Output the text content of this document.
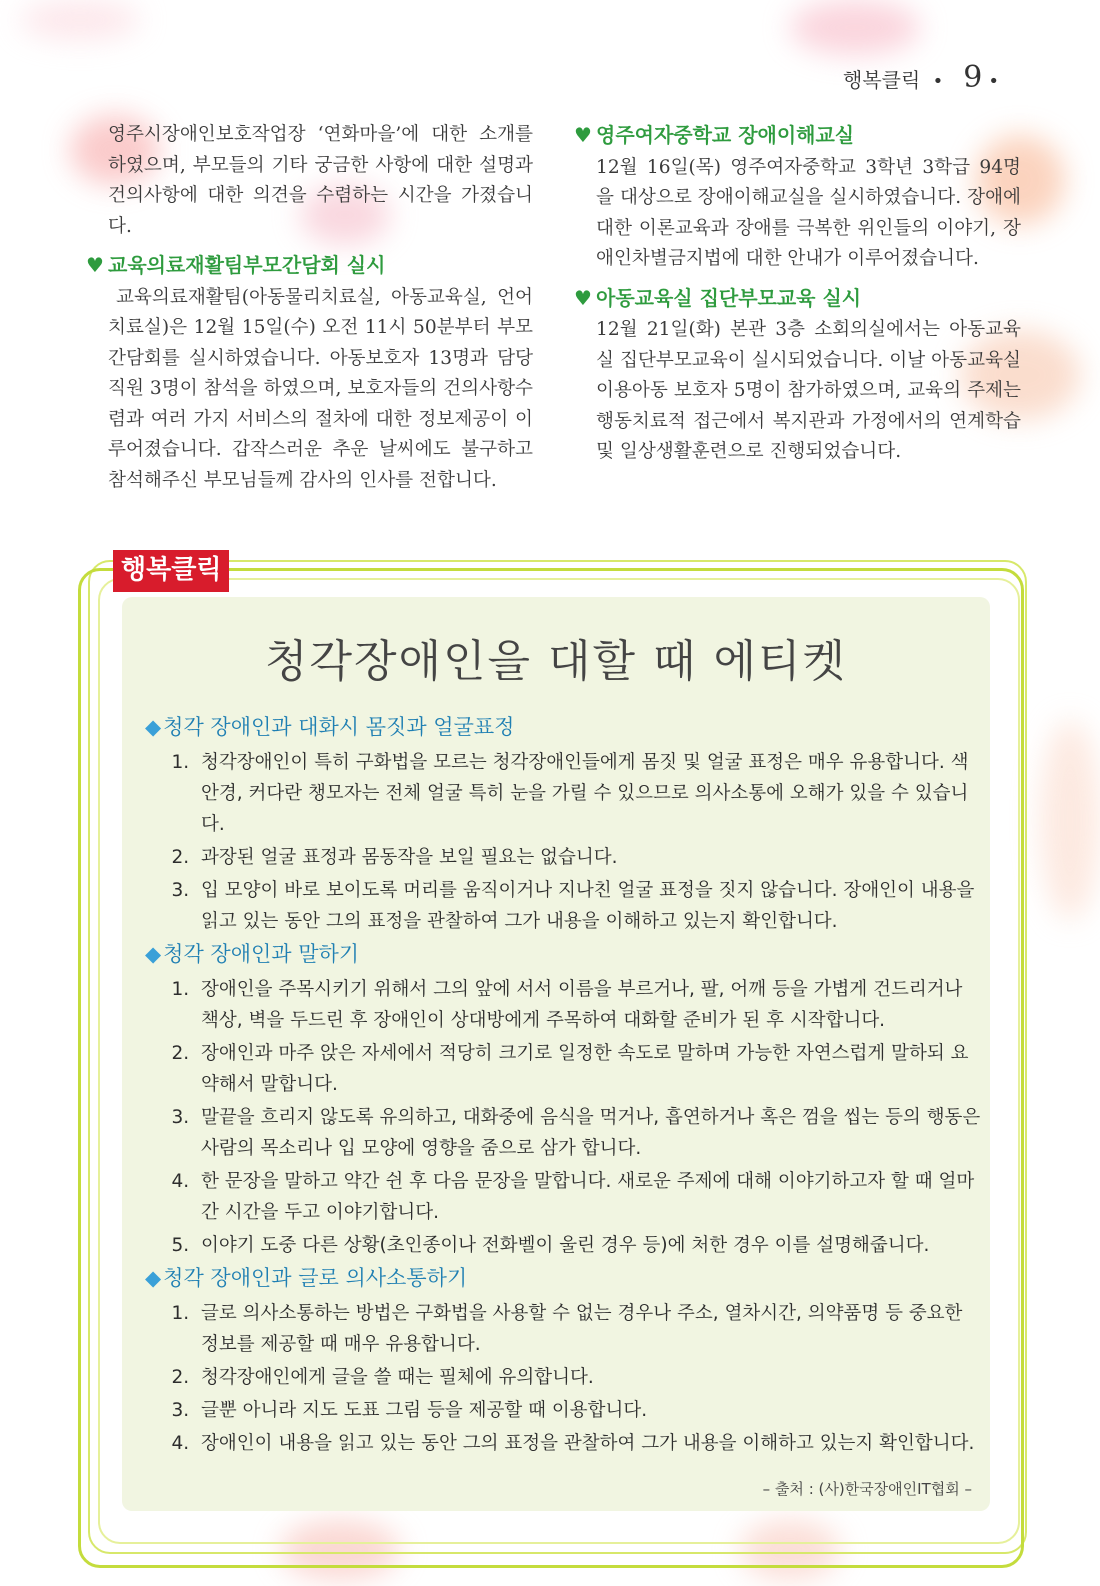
행복클릭 • 9 •

영주시장애인보호작업장 ‘연화마을’에 대한 소개를 하였으며, 부모들의 기타 궁금한 사항에 대한 설명과 건의사항에 대한 의견을 수렴하는 시간을 가졌습니다.

♥ 교육의료재활팀부모간담회 실시

교육의료재활팀(아동물리치료실, 아동교육실, 언어치료실)은 12월 15일(수) 오전 11시 50분부터 부모간담회를 실시하였습니다. 아동보호자 13명과 담당직원 3명이 참석을 하였으며, 보호자들의 건의사항수렴과 여러 가지 서비스의 절차에 대한 정보제공이 이루어졌습니다. 갑작스러운 추운 날씨에도 불구하고 참석해주신 부모님들께 감사의 인사를 전합니다.

♥ 영주여자중학교 장애이해교실

12월 16일(목) 영주여자중학교 3학년 3학급 94명을 대상으로 장애이해교실을 실시하였습니다. 장애에 대한 이론교육과 장애를 극복한 위인들의 이야기, 장애인차별금지법에 대한 안내가 이루어졌습니다.

♥ 아동교육실 집단부모교육 실시

12월 21일(화) 본관 3층 소회의실에서는 아동교육실 집단부모교육이 실시되었습니다. 이날 아동교육실 이용아동 보호자 5명이 참가하였으며, 교육의 주제는 행동치료적 접근에서 복지관과 가정에서의 연계학습 및 일상생활훈련으로 진행되었습니다.

행복클릭
청각장애인을 대할 때 에티켓
◆청각 장애인과 대화시 몸짓과 얼굴표정
1. 청각장애인이 특히 구화법을 모르는 청각장애인들에게 몸짓 및 얼굴 표정은 매우 유용합니다. 색안경, 커다란 챙모자는 전체 얼굴 특히 눈을 가릴 수 있으므로 의사소통에 오해가 있을 수 있습니다.
2. 과장된 얼굴 표정과 몸동작을 보일 필요는 없습니다.
3. 입 모양이 바로 보이도록 머리를 움직이거나 지나친 얼굴 표정을 짓지 않습니다. 장애인이 내용을 읽고 있는 동안 그의 표정을 관찰하여 그가 내용을 이해하고 있는지 확인합니다.
◆청각 장애인과 말하기
1. 장애인을 주목시키기 위해서 그의 앞에 서서 이름을 부르거나, 팔, 어깨 등을 가볍게 건드리거나 책상, 벽을 두드린 후 장애인이 상대방에게 주목하여 대화할 준비가 된 후 시작합니다.
2. 장애인과 마주 앉은 자세에서 적당히 크기로 일정한 속도로 말하며 가능한 자연스럽게 말하되 요약해서 말합니다.
3. 말끝을 흐리지 않도록 유의하고, 대화중에 음식을 먹거나, 흡연하거나 혹은 껌을 씹는 등의 행동은 사람의 목소리나 입 모양에 영향을 줌으로 삼가 합니다.
4. 한 문장을 말하고 약간 쉰 후 다음 문장을 말합니다. 새로운 주제에 대해 이야기하고자 할 때 얼마간 시간을 두고 이야기합니다.
5. 이야기 도중 다른 상황(초인종이나 전화벨이 울린 경우 등)에 처한 경우 이를 설명해줍니다.
◆청각 장애인과 글로 의사소통하기
1. 글로 의사소통하는 방법은 구화법을 사용할 수 없는 경우나 주소, 열차시간, 의약품명 등 중요한 정보를 제공할 때 매우 유용합니다.
2. 청각장애인에게 글을 쓸 때는 필체에 유의합니다.
3. 글뿐 아니라 지도 도표 그림 등을 제공할 때 이용합니다.
4. 장애인이 내용을 읽고 있는 동안 그의 표정을 관찰하여 그가 내용을 이해하고 있는지 확인합니다.
– 출처 : (사)한국장애인IT협회 –
